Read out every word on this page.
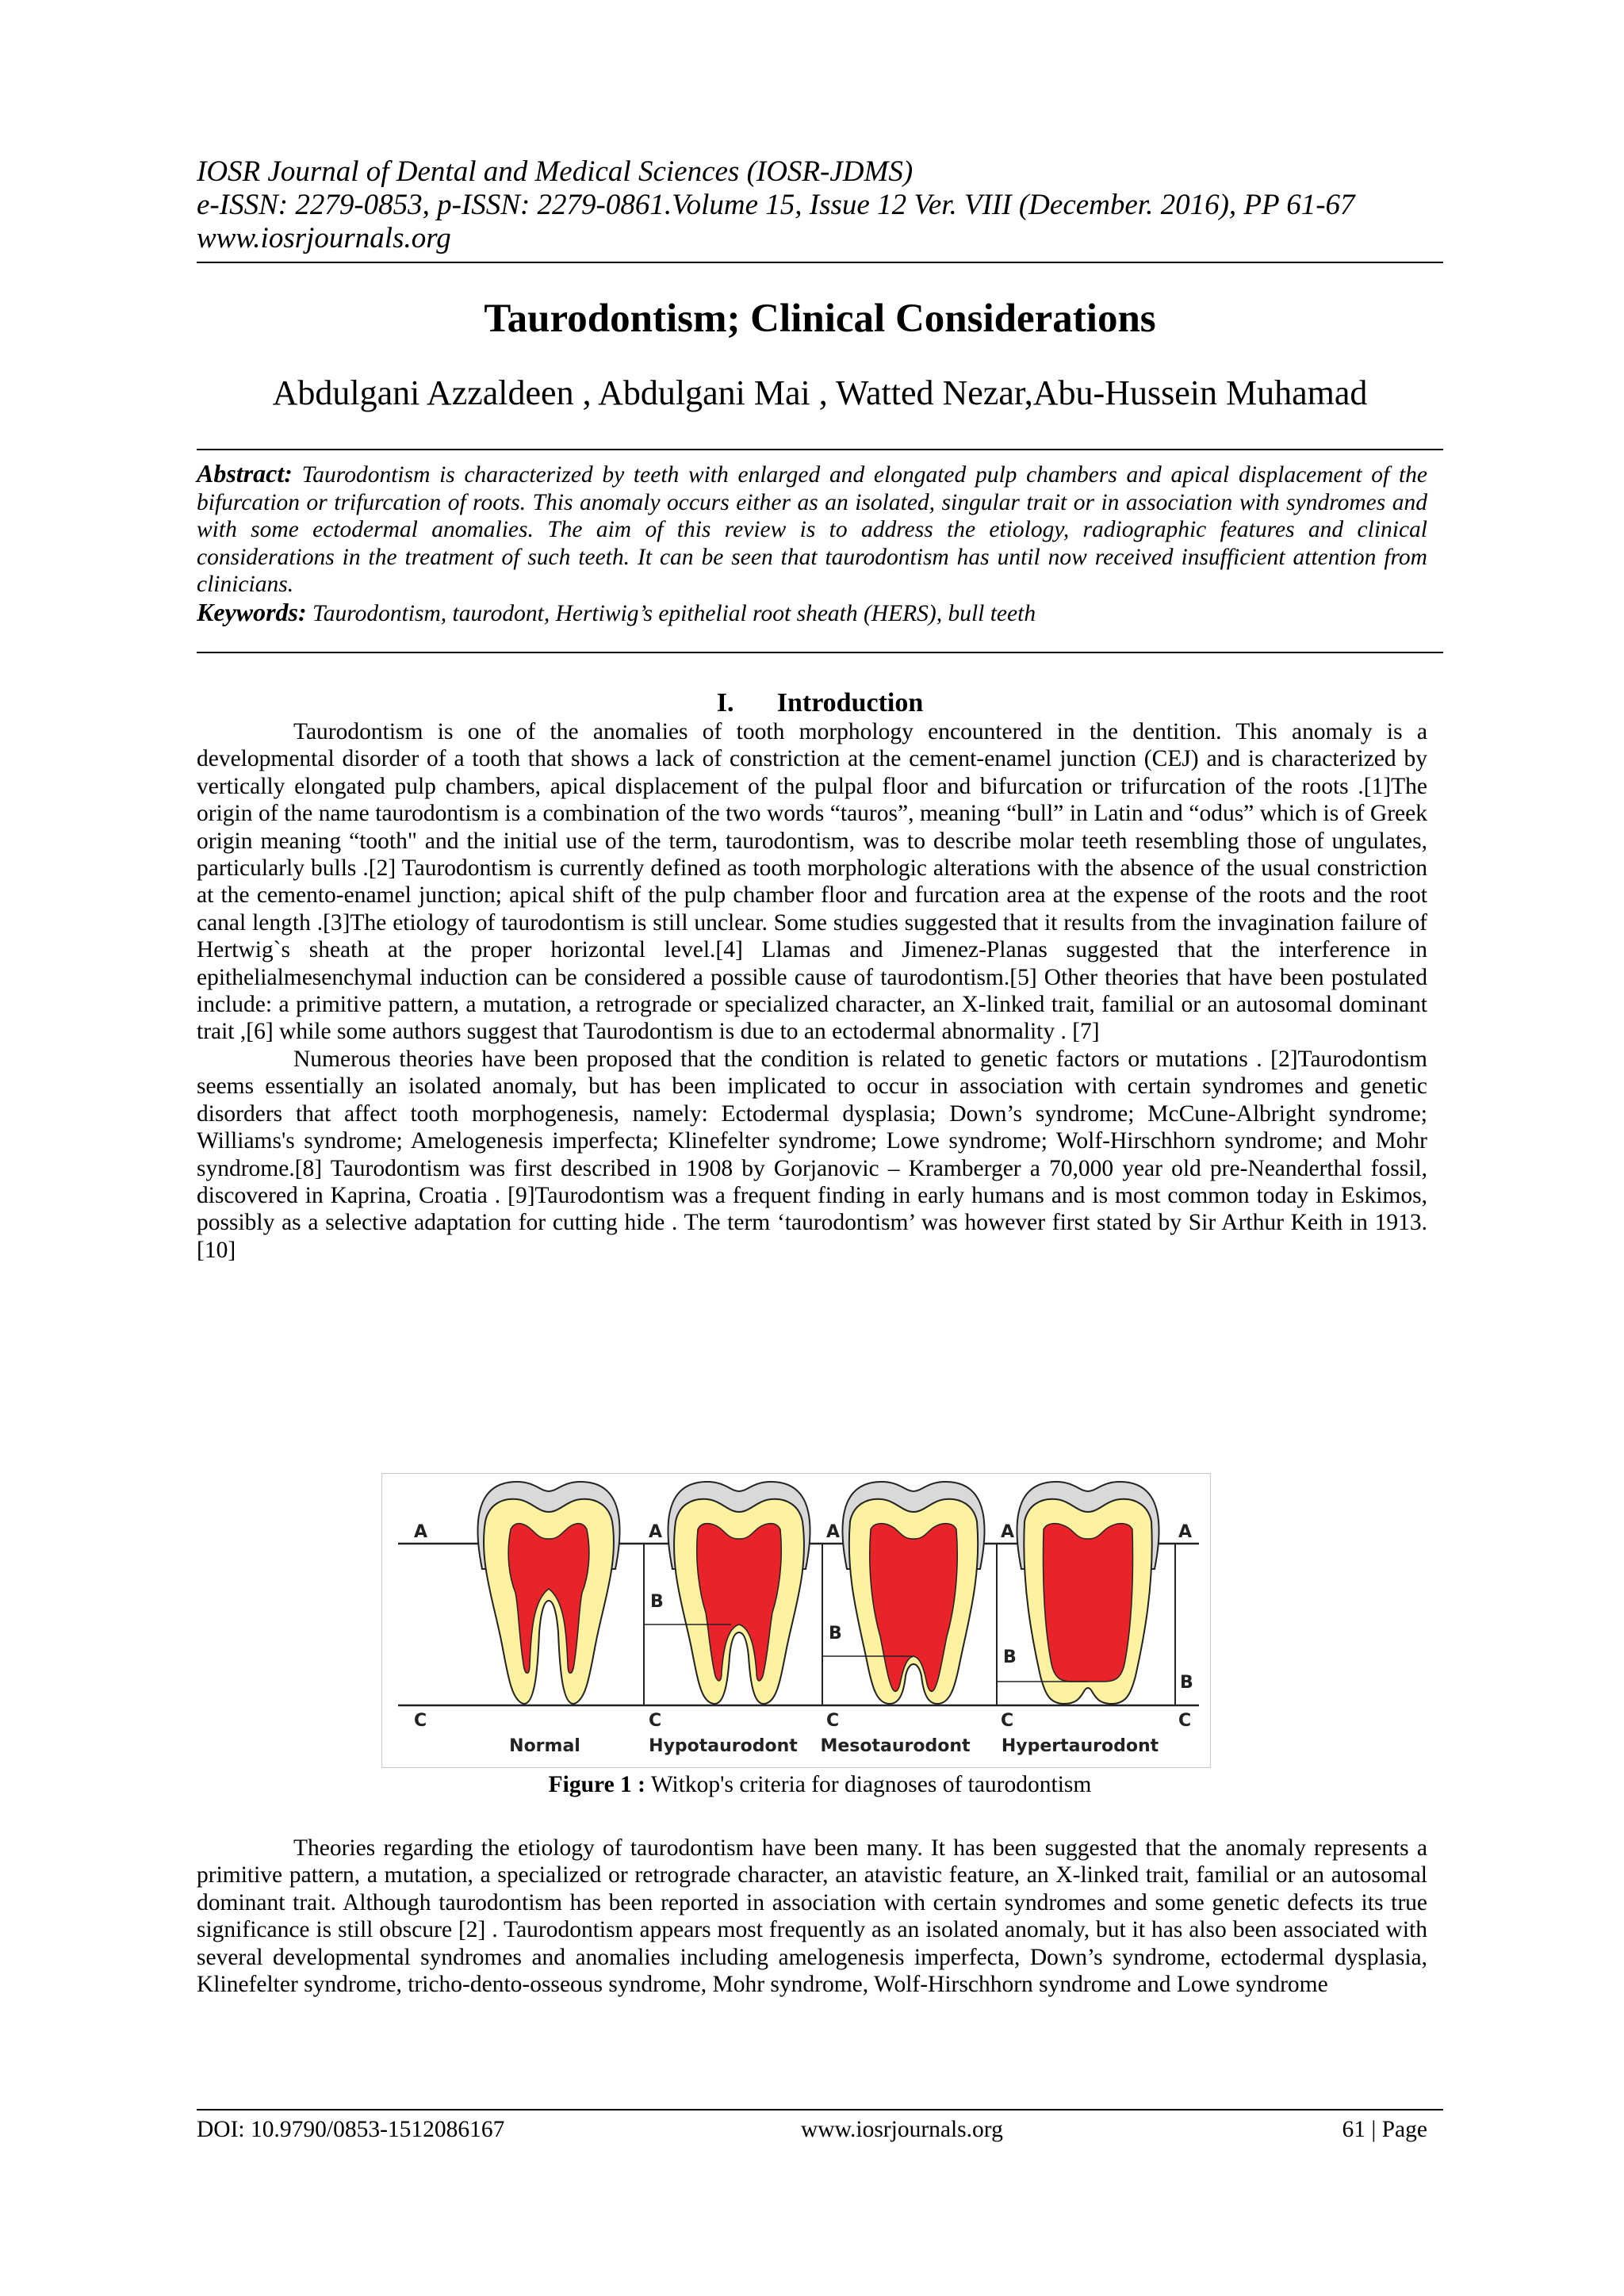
IOSR Journal of Dental and Medical Sciences (IOSR-JDMS)
e-ISSN: 2279-0853, p-ISSN: 2279-0861.Volume 15, Issue 12 Ver. VIII (December. 2016), PP 61-67
www.iosrjournals.org
Taurodontism; Clinical Considerations
Abdulgani Azzaldeen , Abdulgani Mai , Watted Nezar,Abu-Hussein Muhamad
Abstract: Taurodontism is characterized by teeth with enlarged and elongated pulp chambers and apical displacement of the bifurcation or trifurcation of roots. This anomaly occurs either as an isolated, singular trait or in association with syndromes and with some ectodermal anomalies. The aim of this review is to address the etiology, radiographic features and clinical considerations in the treatment of such teeth. It can be seen that taurodontism has until now received insufficient attention from clinicians.
Keywords: Taurodontism, taurodont, Hertiwig’s epithelial root sheath (HERS), bull teeth
I. Introduction

Taurodontism is one of the anomalies of tooth morphology encountered in the dentition. This anomaly is a developmental disorder of a tooth that shows a lack of constriction at the cement-enamel junction (CEJ) and is characterized by vertically elongated pulp chambers, apical displacement of the pulpal floor and bifurcation or trifurcation of the roots .[1]The origin of the name taurodontism is a combination of the two words “tauros”, meaning “bull” in Latin and “odus” which is of Greek origin meaning “tooth" and the initial use of the term, taurodontism, was to describe molar teeth resembling those of ungulates, particularly bulls .[2] Taurodontism is currently defined as tooth morphologic alterations with the absence of the usual constriction at the cemento-enamel junction; apical shift of the pulp chamber floor and furcation area at the expense of the roots and the root canal length .[3]The etiology of taurodontism is still unclear. Some studies suggested that it results from the invagination failure of Hertwig`s sheath at the proper horizontal level.[4] Llamas and Jimenez-Planas suggested that the interference in epithelialmesenchymal induction can be considered a possible cause of taurodontism.[5] Other theories that have been postulated include: a primitive pattern, a mutation, a retrograde or specialized character, an X-linked trait, familial or an autosomal dominant trait ,[6] while some authors suggest that Taurodontism is due to an ectodermal abnormality . [7]

Numerous theories have been proposed that the condition is related to genetic factors or mutations . [2]Taurodontism seems essentially an isolated anomaly, but has been implicated to occur in association with certain syndromes and genetic disorders that affect tooth morphogenesis, namely: Ectodermal dysplasia; Down’s syndrome; McCune-Albright syndrome; Williams's syndrome; Amelogenesis imperfecta; Klinefelter syndrome; Lowe syndrome; Wolf-Hirschhorn syndrome; and Mohr syndrome.[8] Taurodontism was first described in 1908 by Gorjanovic – Kramberger a 70,000 year old pre-Neanderthal fossil, discovered in Kaprina, Croatia . [9]Taurodontism was a frequent finding in early humans and is most common today in Eskimos, possibly as a selective adaptation for cutting hide . The term ‘taurodontism’ was however first stated by Sir Arthur Keith in 1913.[10]

A	A	A	A	A
B
B
B
B
C	C	C	C	C
Normal	Hypotaurodont Mesotaurodont Hypertaurodont
Figure 1 : Witkop's criteria for diagnoses of taurodontism

Theories regarding the etiology of taurodontism have been many. It has been suggested that the anomaly represents a primitive pattern, a mutation, a specialized or retrograde character, an atavistic feature, an X-linked trait, familial or an autosomal dominant trait. Although taurodontism has been reported in association with certain syndromes and some genetic defects its true significance is still obscure [2] . Taurodontism appears most frequently as an isolated anomaly, but it has also been associated with several developmental syndromes and anomalies including amelogenesis imperfecta, Down’s syndrome, ectodermal dysplasia, Klinefelter syndrome, tricho-dento-osseous syndrome, Mohr syndrome, Wolf-Hirschhorn syndrome and Lowe syndrome

DOI: 10.9790/0853-1512086167	www.iosrjournals.org	61 | Page
